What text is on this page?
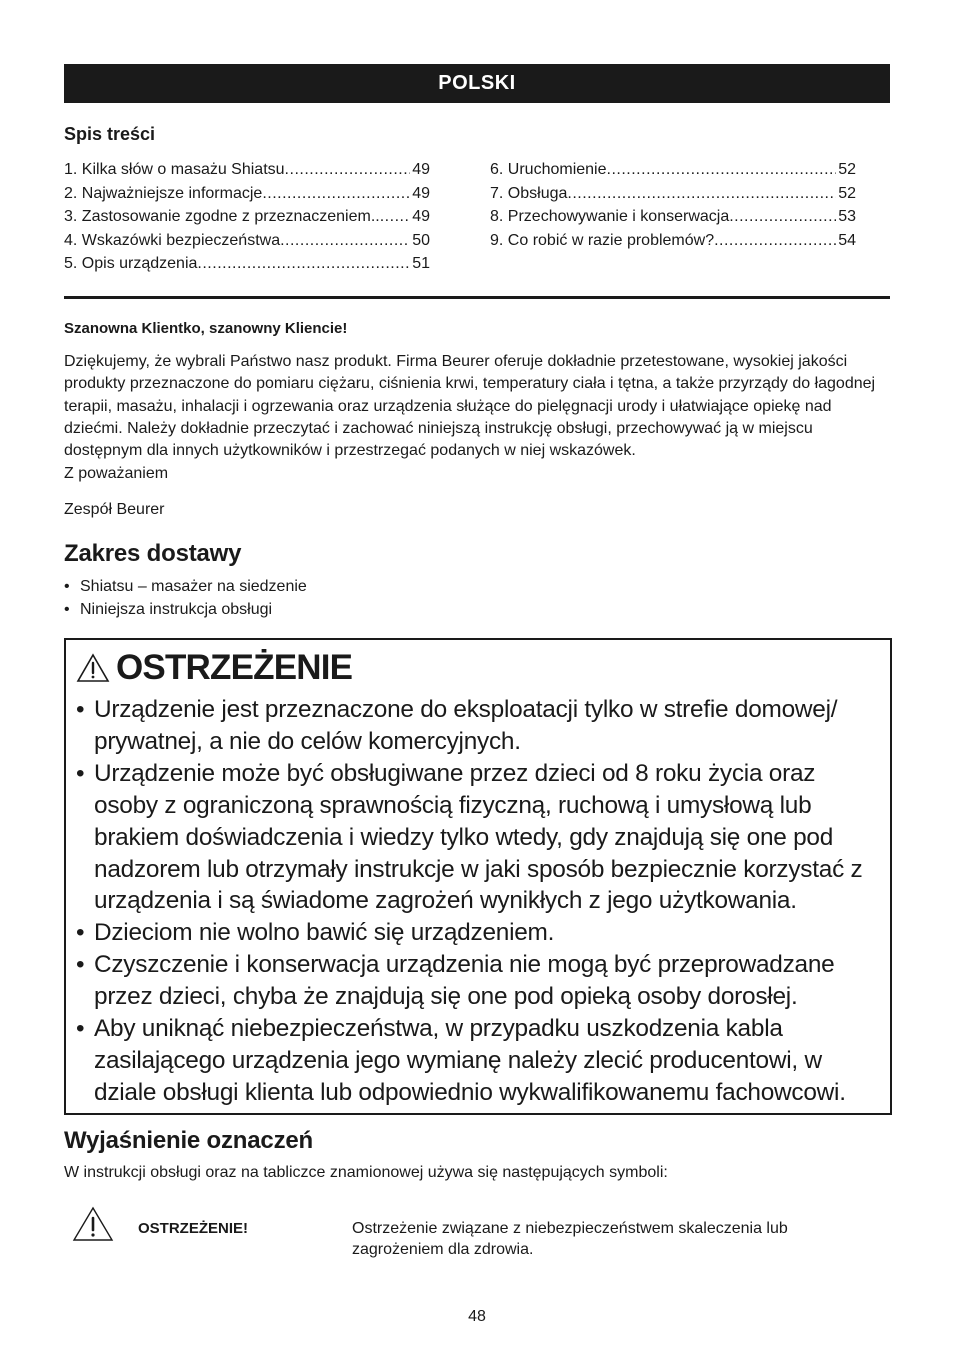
POLSKI
Spis treści
1. Kilka słów o masażu Shiatsu .....	49
2. Najważniejsze informacje .....	49
3. Zastosowanie zgodne z przeznaczeniem.. ..... 49
4. Wskazówki bezpieczeństwa .....	50
5. Opis urządzenia .....	51
6. Uruchomienie .....	52
7. Obsługa .....	52
8. Przechowywanie i konserwacja .....	53
9. Co robić w razie problemów? .....	54
Szanowna Klientko, szanowny Kliencie!
Dziękujemy, że wybrali Państwo nasz produkt. Firma Beurer oferuje dokładnie przetestowane, wysokiej jakości produkty przeznaczone do pomiaru ciężaru, ciśnienia krwi, temperatury ciała i tętna, a także przyrządy do łagodnej terapii, masażu, inhalacji i ogrzewania oraz urządzenia służące do pielęgnacji urody i ułatwiające opiekę nad dziećmi. Należy dokładnie przeczytać i zachować niniejszą instrukcję obsługi, przechowywać ją w miejscu dostępnym dla innych użytkowników i przestrzegać podanych w niej wskazówek.
Z poważaniem
Zespół Beurer
Zakres dostawy
• Shiatsu – masażer na siedzenie
• Niniejsza instrukcja obsługi
OSTRZEŻENIE
• Urządzenie jest przeznaczone do eksploatacji tylko w strefie domowej/ prywatnej, a nie do celów komercyjnych.
• Urządzenie może być obsługiwane przez dzieci od 8 roku życia oraz osoby z ograniczoną sprawnością fizyczną, ruchową i umysłową lub brakiem doświadczenia i wiedzy tylko wtedy, gdy znajdują się one pod nadzorem lub otrzymały instrukcje w jaki sposób bezpiecznie korzystać z urządzenia i są świadome zagrożeń wynikłych z jego użytkowania.
• Dzieciom nie wolno bawić się urządzeniem.
• Czyszczenie i konserwacja urządzenia nie mogą być przeprowadzane przez dzieci, chyba że znajdują się one pod opieką osoby dorosłej.
• Aby uniknąć niebezpieczeństwa, w przypadku uszkodzenia kabla zasilającego urządzenia jego wymianę należy zlecić producentowi, w dziale obsługi klienta lub odpowiednio wykwalifikowanemu fachowcowi.
Wyjaśnienie oznaczeń
W instrukcji obsługi oraz na tabliczce znamionowej używa się następujących symboli:
OSTRZEŻENIE!	Ostrzeżenie związane z niebezpieczeństwem skaleczenia lub zagrożeniem dla zdrowia.
48
